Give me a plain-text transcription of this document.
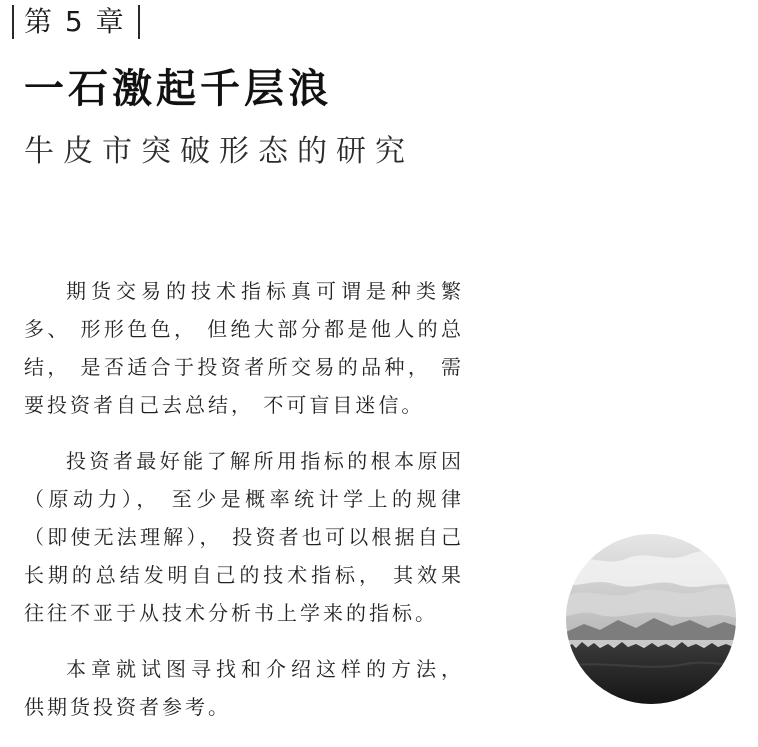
第 5 章
一石激起千层浪
牛皮市突破形态的研究

期货交易的技术指标真可谓是种类繁多、 形形色色， 但绝大部分都是他人的总结， 是否适合于投资者所交易的品种， 需要投资者自己去总结， 不可盲目迷信。

投资者最好能了解所用指标的根本原因（原动力）， 至少是概率统计学上的规律（即使无法理解）， 投资者也可以根据自己长期的总结发明自己的技术指标， 其效果往往不亚于从技术分析书上学来的指标。

本章就试图寻找和介绍这样的方法， 供期货投资者参考。
